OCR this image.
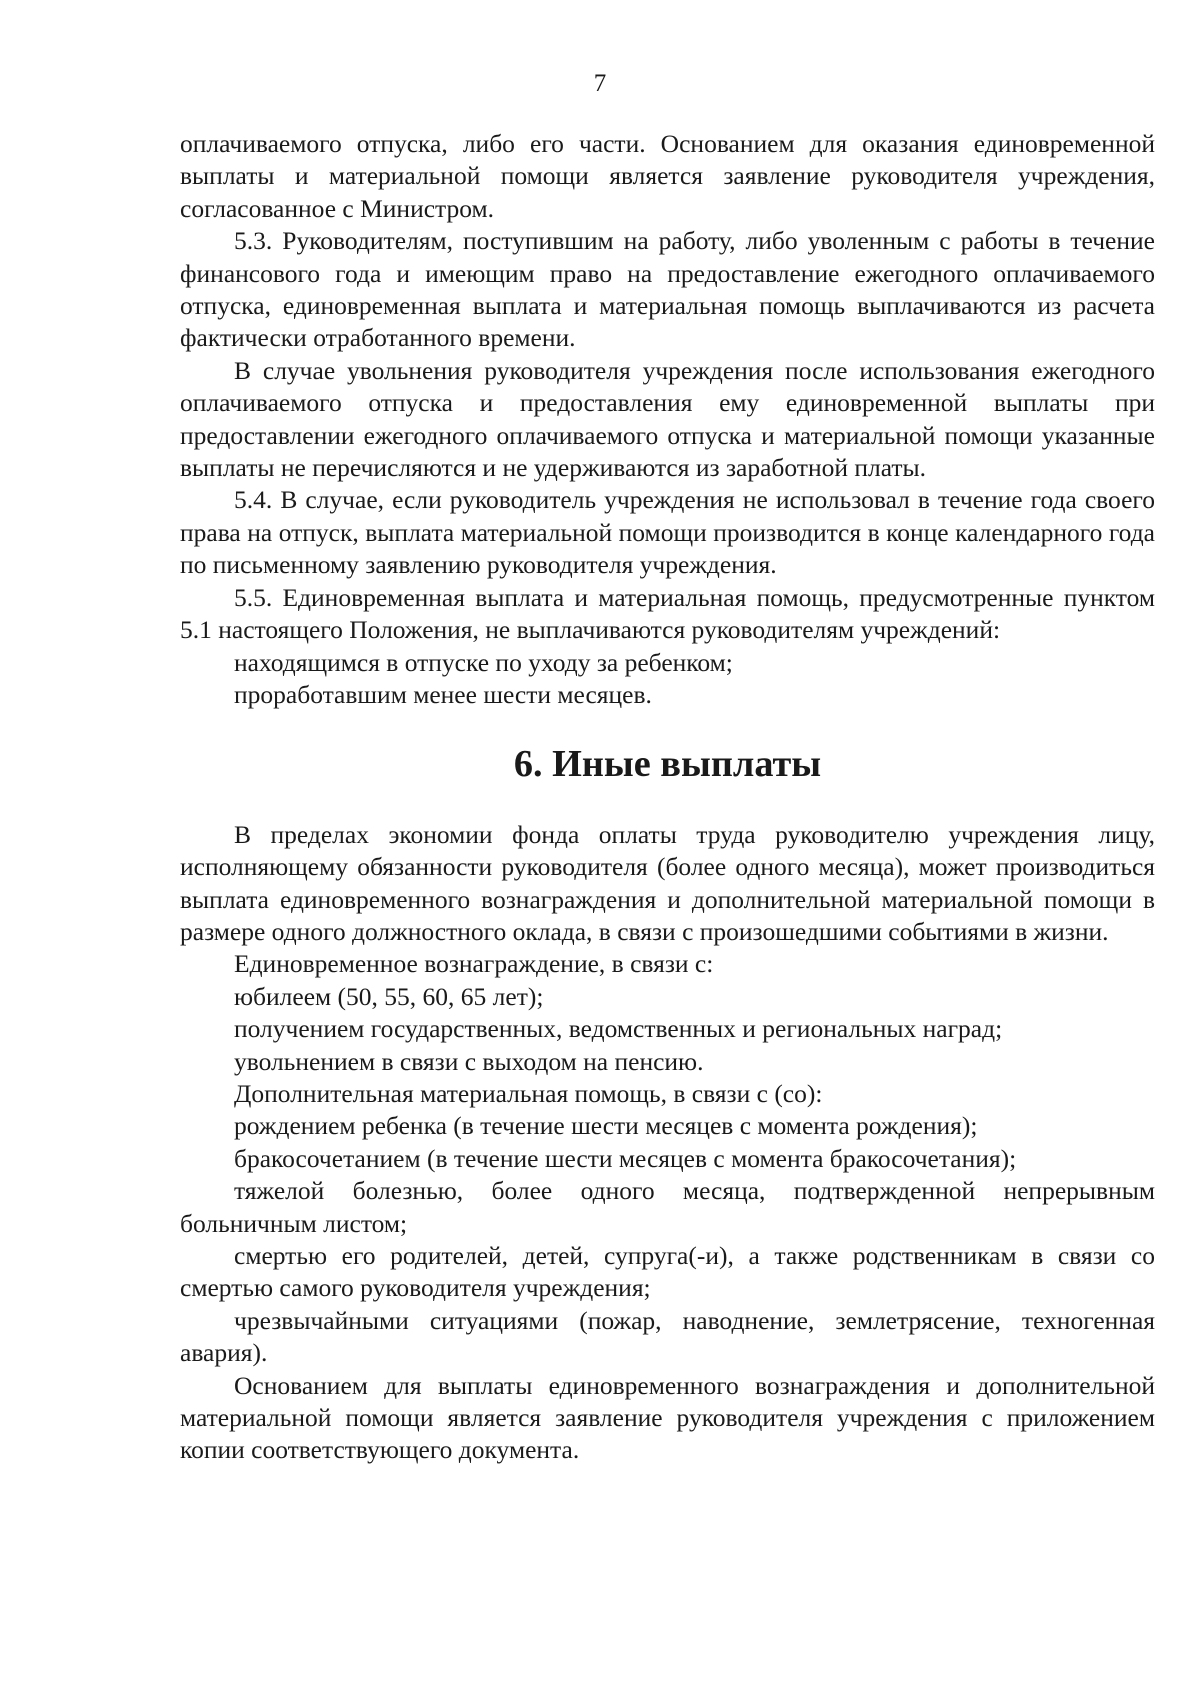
7

оплачиваемого отпуска, либо его части. Основанием для оказания единовременной выплаты и материальной помощи является заявление руководителя учреждения, согласованное с Министром.

5.3. Руководителям, поступившим на работу, либо уволенным с работы в течение финансового года и имеющим право на предоставление ежегодного оплачиваемого отпуска, единовременная выплата и материальная помощь выплачиваются из расчета фактически отработанного времени.

В случае увольнения руководителя учреждения после использования ежегодного оплачиваемого отпуска и предоставления ему единовременной выплаты при предоставлении ежегодного оплачиваемого отпуска и материальной помощи указанные выплаты не перечисляются и не удерживаются из заработной платы.

5.4. В случае, если руководитель учреждения не использовал в течение года своего права на отпуск, выплата материальной помощи производится в конце календарного года по письменному заявлению руководителя учреждения.

5.5. Единовременная выплата и материальная помощь, предусмотренные пунктом 5.1 настоящего Положения, не выплачиваются руководителям учреждений:

находящимся в отпуске по уходу за ребенком;

проработавшим менее шести месяцев.

6. Иные выплаты

В пределах экономии фонда оплаты труда руководителю учреждения лицу, исполняющему обязанности руководителя (более одного месяца), может производиться выплата единовременного вознаграждения и дополнительной материальной помощи в размере одного должностного оклада, в связи с произошедшими событиями в жизни.

Единовременное вознаграждение, в связи с:

юбилеем (50, 55, 60, 65 лет);

получением государственных, ведомственных и региональных наград;

увольнением в связи с выходом на пенсию.

Дополнительная материальная помощь, в связи с (со):

рождением ребенка (в течение шести месяцев с момента рождения);

бракосочетанием (в течение шести месяцев с момента бракосочетания);

тяжелой болезнью, более одного месяца, подтвержденной непрерывным больничным листом;

смертью его родителей, детей, супруга(-и), а также родственникам в связи со смертью самого руководителя учреждения;

чрезвычайными ситуациями (пожар, наводнение, землетрясение, техногенная авария).

Основанием для выплаты единовременного вознаграждения и дополнительной материальной помощи является заявление руководителя учреждения с приложением копии соответствующего документа.
